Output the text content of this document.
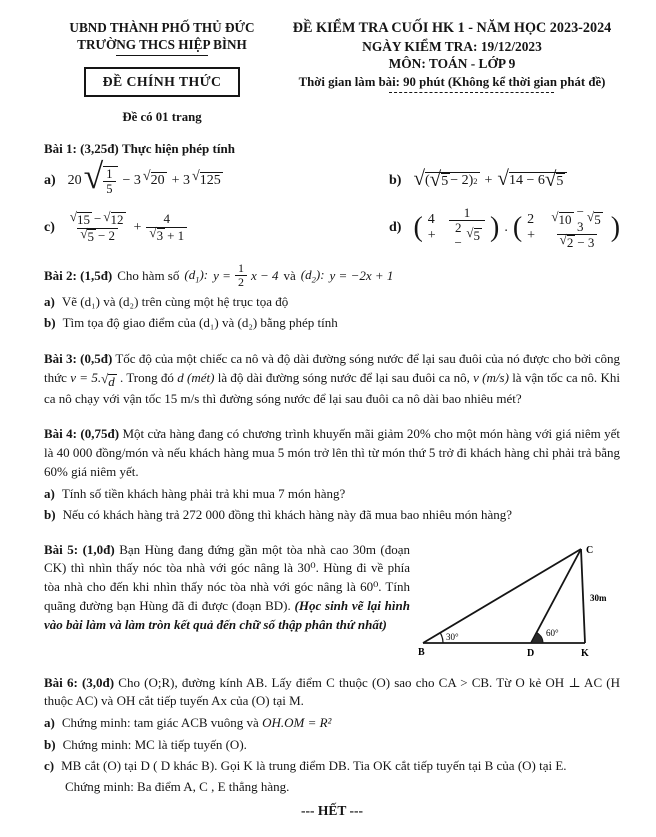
UBND THÀNH PHỐ THỦ ĐỨC
TRƯỜNG THCS HIỆP BÌNH
ĐỀ CHÍNH THỨC
Đề có 01 trang
ĐỀ KIỂM TRA CUỐI HK 1 - NĂM HỌC 2023-2024
NGÀY KIỂM TRA: 19/12/2023
MÔN: TOÁN - LỚP 9
Thời gian làm bài: 90 phút (Không kể thời gian phát đề)
Bài 1: (3,25đ) Thực hiện phép tính
a) 20 √ $\frac{1}{5} - 3$ √ 20 + 3 √ 125	b) √ ( √ 5 − 2 ) 2 + √ 14 − 6 √ 5
$c) \frac{√ 15 - √ 12}{√ 5 - 2} + \frac{4}{√ 3 + 1}$	d) ( 4 +	1
2 −
√ 5 ) . ( 2 +	√ 10
− 3
√ 5
√ 2 − 3 )
Bài 2: (1,5đ) Cho hàm số $(d_1)$: $y = \frac{1}{2}$ x − 4 và $(d_2)$: y = −2x + 1
a) Vẽ (d₁) và (d₂) trên cùng một hệ trục tọa độ
b) Tìm tọa độ giao điểm của (d₁) và (d₂) bằng phép tính
Bài 3: (0,5đ) Tốc độ của một chiếc ca nô và độ dài đường sóng nước để lại sau đuôi của nó được cho bởi công thức v = 5. √ d . Trong đó d (mét) là độ dài đường sóng nước để lại sau đuôi ca nô, v (m/s) là vận tốc ca nô. Khi ca nô chạy với vận tốc 15 m/s thì đường sóng nước để lại sau đuôi ca nô dài bao nhiêu mét?
Bài 4: (0,75đ) Một cửa hàng đang có chương trình khuyến mãi giảm 20% cho một món hàng với giá niêm yết là 40 000 đồng/món và nếu khách hàng mua 5 món trở lên thì từ món thứ 5 trở đi khách hàng chỉ phải trả bằng 60% giá niêm yết.
a) Tính số tiền khách hàng phải trả khi mua 7 món hàng?
b) Nếu có khách hàng trả 272 000 đồng thì khách hàng này đã mua bao nhiêu món hàng?
Bài 5: (1,0đ) Bạn Hùng đang đứng gần một tòa nhà cao 30m (đoạn CK) thì nhìn thấy nóc tòa nhà với góc nâng là 30⁰. Hùng đi về phía tòa nhà cho đến khi nhìn thấy nóc tòa nhà với góc nâng là 60⁰. Tính quãng đường bạn Hùng đã đi được (đoạn BD). (Học sinh vẽ lại hình vào bài làm và làm tròn kết quả đến chữ số thập phân thứ nhất)
30°	60°
30m
B	D	K
C
Bài 6: (3,0đ) Cho (O;R), đường kính AB. Lấy điểm C thuộc (O) sao cho CA > CB. Từ O kẻ OH ⊥ AC (H thuộc AC) và OH cắt tiếp tuyến Ax của (O) tại M.
a) Chứng minh: tam giác ACB vuông và OH.OM = R²
b) Chứng minh: MC là tiếp tuyến (O).
c) MB cắt (O) tại D ( D khác B). Gọi K là trung điểm DB. Tia OK cắt tiếp tuyến tại B của (O) tại E.
Chứng minh: Ba điểm A, C , E thẳng hàng.
--- HẾT ---
